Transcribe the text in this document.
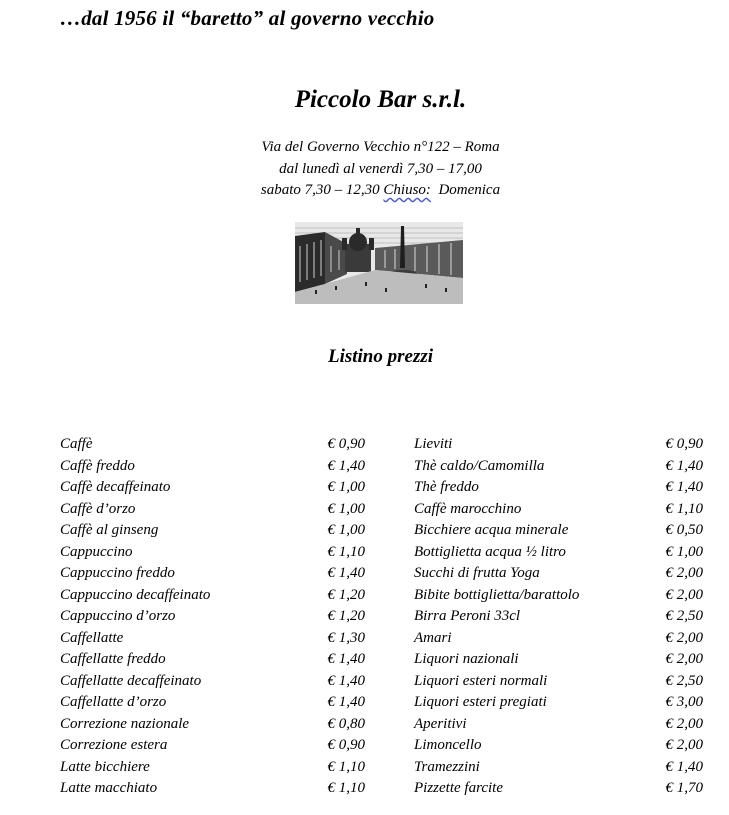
…dal 1956 il “baretto” al governo vecchio
Piccolo Bar s.r.l.
Via del Governo Vecchio n°122 – Roma
dal lunedì al venerdì 7,30 – 17,00
sabato 7,30 – 12,30 Chiuso:  Domenica
Listino prezzi
Caffè	€ 0,90
Caffè freddo	€ 1,40
Caffè decaffeinato	€ 1,00
Caffè d’orzo	€ 1,00
Caffè al ginseng	€ 1,00
Cappuccino	€ 1,10
Cappuccino freddo	€ 1,40
Cappuccino decaffeinato	€ 1,20
Cappuccino d’orzo	€ 1,20
Caffellatte	€ 1,30
Caffellatte freddo	€ 1,40
Caffellatte decaffeinato	€ 1,40
Caffellatte d’orzo	€ 1,40
Correzione nazionale	€ 0,80
Correzione estera	€ 0,90
Latte bicchiere	€ 1,10
Latte macchiato	€ 1,10
Lieviti	€ 0,90
Thè caldo/Camomilla	€ 1,40
Thè freddo	€ 1,40
Caffè marocchino	€ 1,10
Bicchiere acqua minerale	€ 0,50
Bottiglietta acqua ½ litro	€ 1,00
Succhi di frutta Yoga	€ 2,00
Bibite bottiglietta/barattolo	€ 2,00
Birra Peroni 33cl	€ 2,50
Amari	€ 2,00
Liquori nazionali	€ 2,00
Liquori esteri normali	€ 2,50
Liquori esteri pregiati	€ 3,00
Aperitivi	€ 2,00
Limoncello	€ 2,00
Tramezzini	€ 1,40
Pizzette farcite	€ 1,70
